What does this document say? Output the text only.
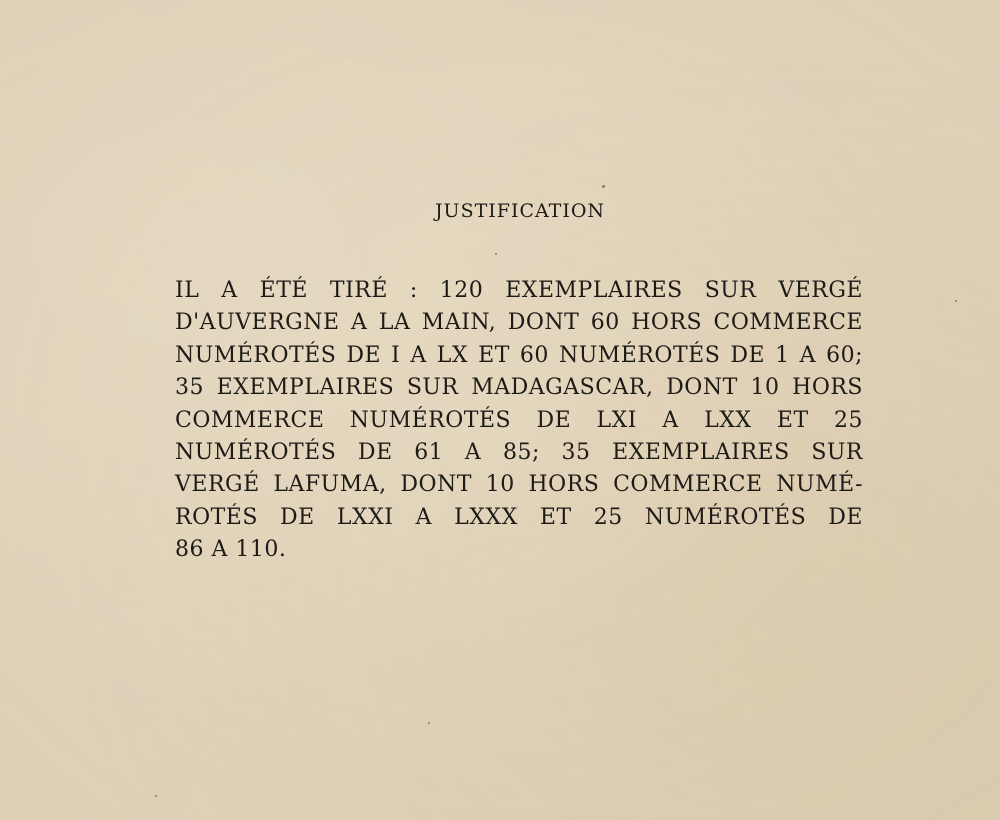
JUSTIFICATION
IL A ÉTÉ TIRÉ : 120 EXEMPLAIRES SUR VERGÉ
D'AUVERGNE A LA MAIN, DONT 60 HORS COMMERCE
NUMÉROTÉS DE I A LX ET 60 NUMÉROTÉS DE 1 A 60;
35 EXEMPLAIRES SUR MADAGASCAR, DONT 10 HORS
COMMERCE NUMÉROTÉS DE LXI A LXX ET 25
NUMÉROTÉS DE 61 A 85; 35 EXEMPLAIRES SUR
VERGÉ LAFUMA, DONT 10 HORS COMMERCE NUMÉ-
ROTÉS DE LXXI A LXXX ET 25 NUMÉROTÉS DE
86 A 110.
